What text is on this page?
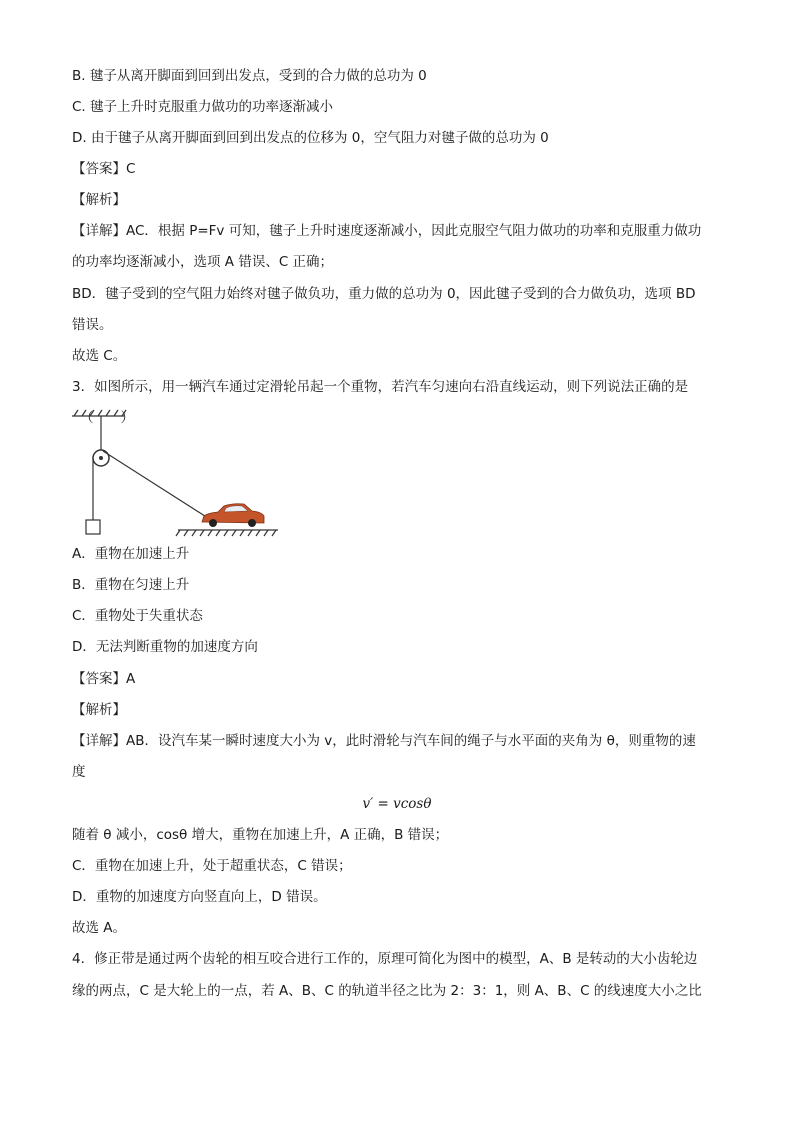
B. 毽子从离开脚面到回到出发点，受到的合力做的总功为 0
C. 毽子上升时克服重力做功的功率逐渐减小
D. 由于毽子从离开脚面到回到出发点的位移为 0，空气阻力对毽子做的总功为 0
【答案】C
【解析】
【详解】AC．根据 P=Fv 可知，毽子上升时速度逐渐减小，因此克服空气阻力做功的功率和克服重力做功
的功率均逐渐减小，选项 A 错误、C 正确；
BD．毽子受到的空气阻力始终对毽子做负功，重力做的总功为 0，因此毽子受到的合力做负功，选项 BD
错误。
故选 C。
3．如图所示，用一辆汽车通过定滑轮吊起一个重物，若汽车匀速向右沿直线运动，则下列说法正确的是
（　　）
A．重物在加速上升
B．重物在匀速上升
C．重物处于失重状态
D．无法判断重物的加速度方向
【答案】A
【解析】
【详解】AB．设汽车某一瞬时速度大小为 v，此时滑轮与汽车间的绳子与水平面的夹角为 θ，则重物的速
度
v′ = vcosθ
随着 θ 减小，cosθ 增大，重物在加速上升，A 正确，B 错误；
C．重物在加速上升，处于超重状态，C 错误；
D．重物的加速度方向竖直向上，D 错误。
故选 A。
4．修正带是通过两个齿轮的相互咬合进行工作的，原理可简化为图中的模型，A、B 是转动的大小齿轮边
缘的两点，C 是大轮上的一点，若 A、B、C 的轨道半径之比为 2：3：1，则 A、B、C 的线速度大小之比
